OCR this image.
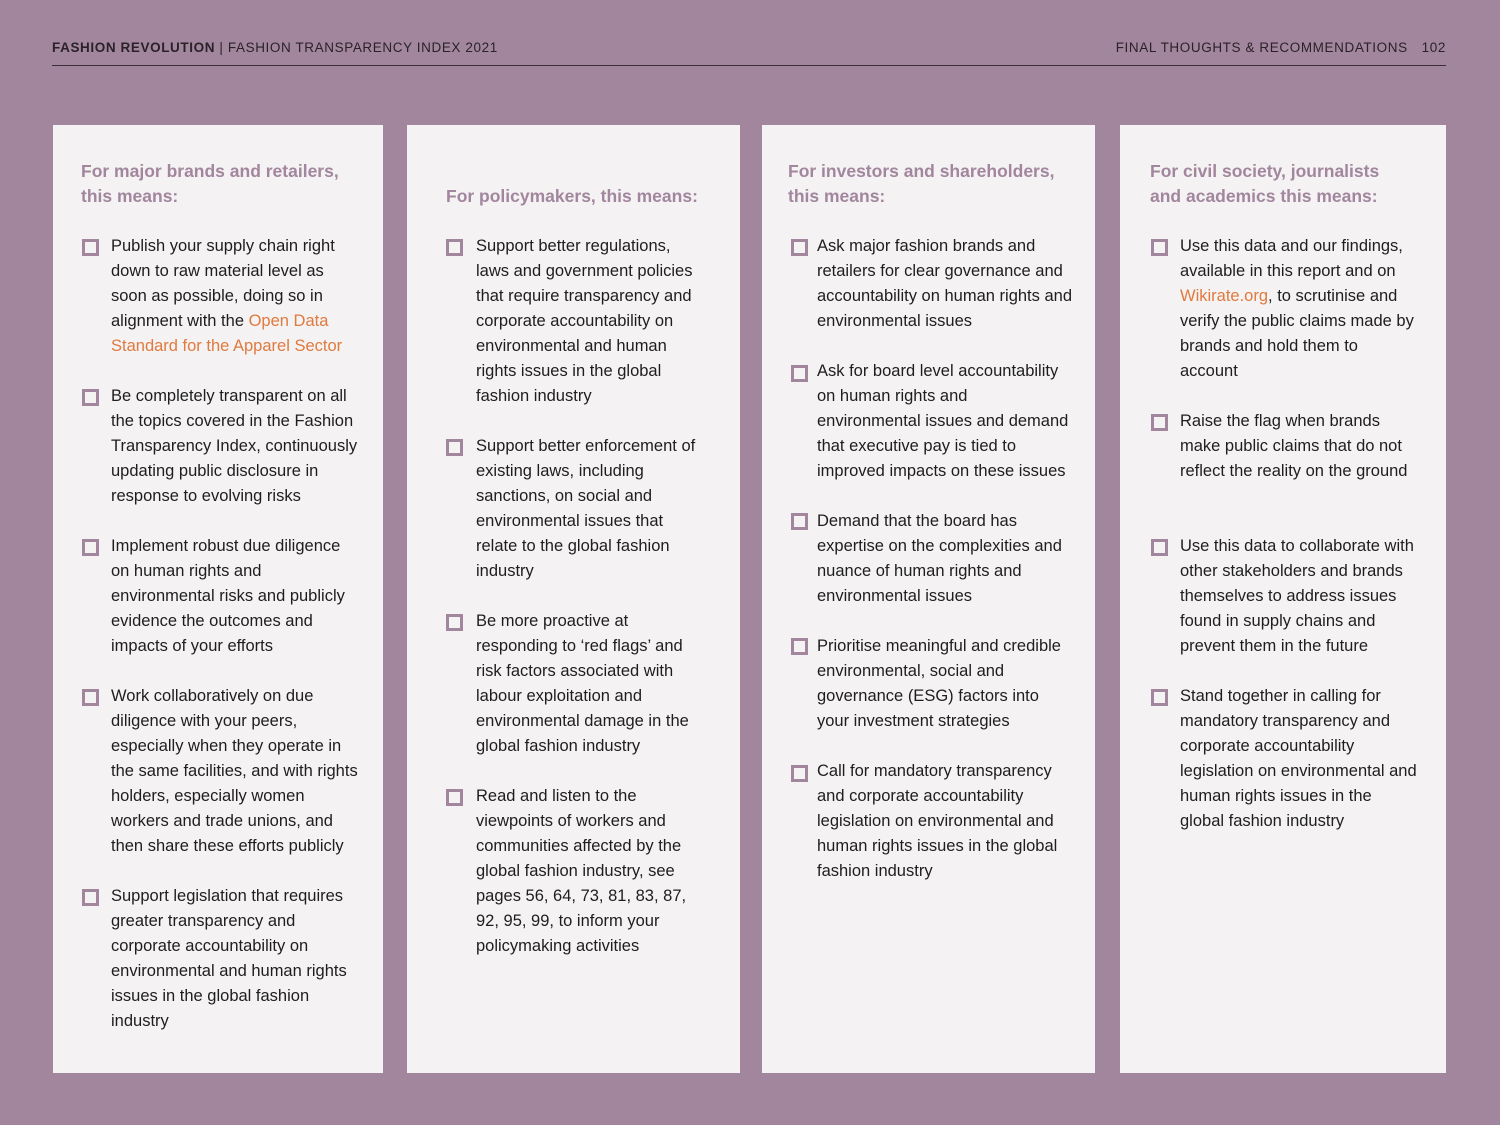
FASHION REVOLUTION | FASHION TRANSPARENCY INDEX 2021	FINAL THOUGHTS & RECOMMENDATIONS 102
For major brands and retailers,
this means:
Publish your supply chain right down to raw material level as soon as possible, doing so in alignment with the Open Data Standard for the Apparel Sector
Be completely transparent on all the topics covered in the Fashion Transparency Index, continuously updating public disclosure in response to evolving risks
Implement robust due diligence on human rights and environmental risks and publicly evidence the outcomes and impacts of your efforts
Work collaboratively on due diligence with your peers, especially when they operate in the same facilities, and with rights holders, especially women workers and trade unions, and then share these efforts publicly
Support legislation that requires greater transparency and corporate accountability on environmental and human rights issues in the global fashion industry
For policymakers, this means:
Support better regulations, laws and government policies that require transparency and corporate accountability on environmental and human rights issues in the global fashion industry
Support better enforcement of existing laws, including sanctions, on social and environmental issues that relate to the global fashion industry
Be more proactive at responding to ‘red flags’ and risk factors associated with labour exploitation and environmental damage in the global fashion industry
Read and listen to the viewpoints of workers and communities affected by the global fashion industry, see pages 56, 64, 73, 81, 83, 87, 92, 95, 99, to inform your policymaking activities
For investors and shareholders,
this means:
Ask major fashion brands and retailers for clear governance and accountability on human rights and environmental issues
Ask for board level accountability on human rights and environmental issues and demand that executive pay is tied to improved impacts on these issues
Demand that the board has expertise on the complexities and nuance of human rights and environmental issues
Prioritise meaningful and credible environmental, social and governance (ESG) factors into your investment strategies
Call for mandatory transparency and corporate accountability legislation on environmental and human rights issues in the global fashion industry
For civil society, journalists
and academics this means:
Use this data and our findings, available in this report and on Wikirate.org, to scrutinise and verify the public claims made by brands and hold them to account
Raise the flag when brands make public claims that do not reflect the reality on the ground
Use this data to collaborate with other stakeholders and brands themselves to address issues found in supply chains and prevent them in the future
Stand together in calling for mandatory transparency and corporate accountability legislation on environmental and human rights issues in the global fashion industry
